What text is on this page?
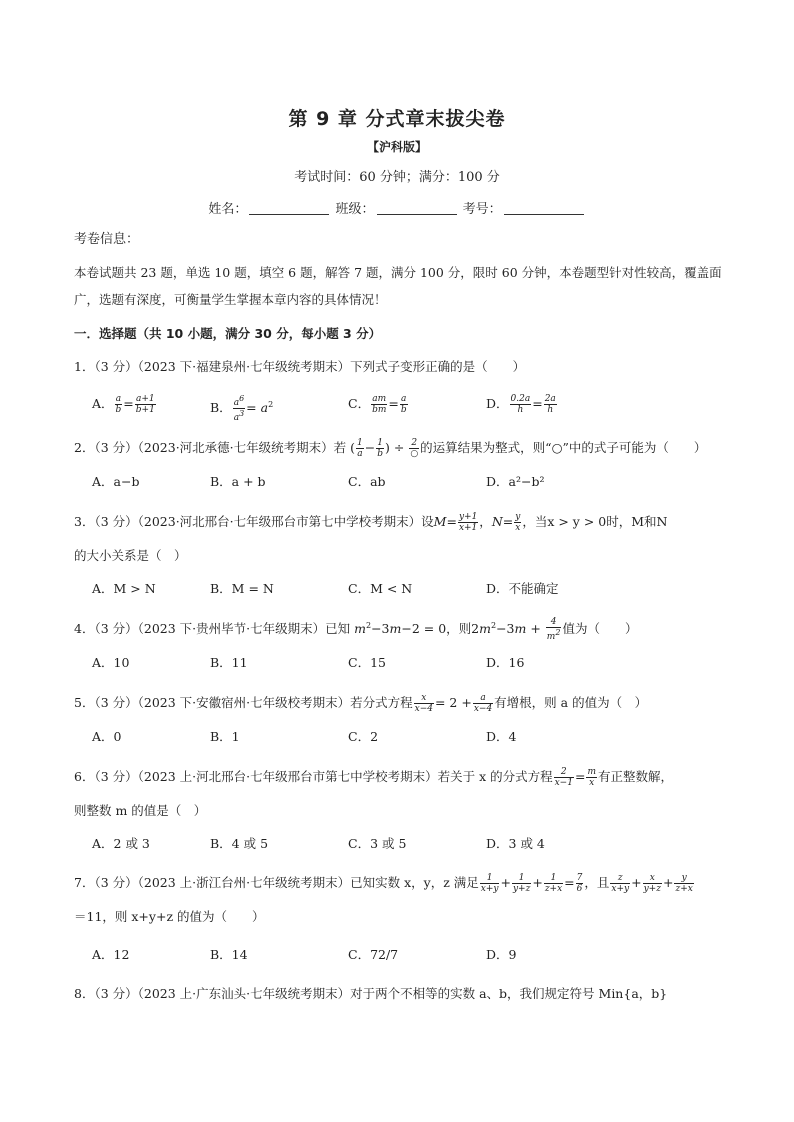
第 9 章 分式章末拔尖卷
【沪科版】
考试时间：60 分钟；满分：100 分
姓名：	班级：	考号：
考卷信息：
本卷试题共 23 题，单选 10 题，填空 6 题，解答 7 题，满分 100 分，限时 60 分钟，本卷题型针对性较高，覆盖面广，选题有深度，可衡量学生掌握本章内容的具体情况！
一．选择题（共 10 小题，满分 30 分，每小题 3 分）
1．（3 分）（2023 下·福建泉州·七年级统考期末）下列式子变形正确的是（　　）
A． $\frac{a}{b} = \frac{a+1}{b+1}$	B． $\frac{a^6}{a^3} = a^2$	C． $\frac{am}{bm} = \frac{a}{b}$	D． $\frac{0.2a}{h} = \frac{2a}{h}$
2．（3 分）（2023·河北承德·七年级统考期末）若 ( $\frac{1}{a} - \frac{1}{b}$ ) ÷ $\frac{2}{○}$ 的运算结果为整式，则“○”中的式子可能为（　　）
A．a−b	B．a + b	C．ab	D．a²−b²
3．（3 分）（2023·河北邢台·七年级邢台市第七中学校考期末）设$M= \frac{y+1}{x+1}$ ，$N= \frac{y}{x}$ ，当x > y > 0时，M和N
的大小关系是（　）
A．M > N	B．M = N	C．M < N	D．不能确定
4．（3 分）（2023 下·贵州毕节·七年级期末）已知 $m^2-3m-2 = 0$，则$2m^2-3m + \frac{4}{m^2}$ 值为（　　）
A．10	B．11	C．15	D．16
5．（3 分）（2023 下·安徽宿州·七年级校考期末）若分式方程 $\frac{x}{x-4} = 2 + \frac{a}{x-4}$ 有增根，则 a 的值为（　）
A．0	B．1	C．2	D．4
6．（3 分）（2023 上·河北邢台·七年级邢台市第七中学校考期末）若关于 x 的分式方程 $\frac{2}{x-1} = \frac{m}{x}$ 有正整数解，
则整数 m 的值是（　）
A．2 或 3	B．4 或 5	C．3 或 5	D．3 或 4
7．（3 分）（2023 上·浙江台州·七年级统考期末）已知实数 x，y，z 满足 $\frac{1}{x+y} + \frac{1}{y+z} + \frac{1}{z+x} = \frac{7}{6}$ ，且 $\frac{z}{x+y} + \frac{x}{y+z} + \frac{y}{z+x}$
＝11，则 x+y+z 的值为（　　）
A．12	B．14	C．72/7	D．9
8．（3 分）（2023 上·广东汕头·七年级统考期末）对于两个不相等的实数 a、b，我们规定符号 Min{a，b}
